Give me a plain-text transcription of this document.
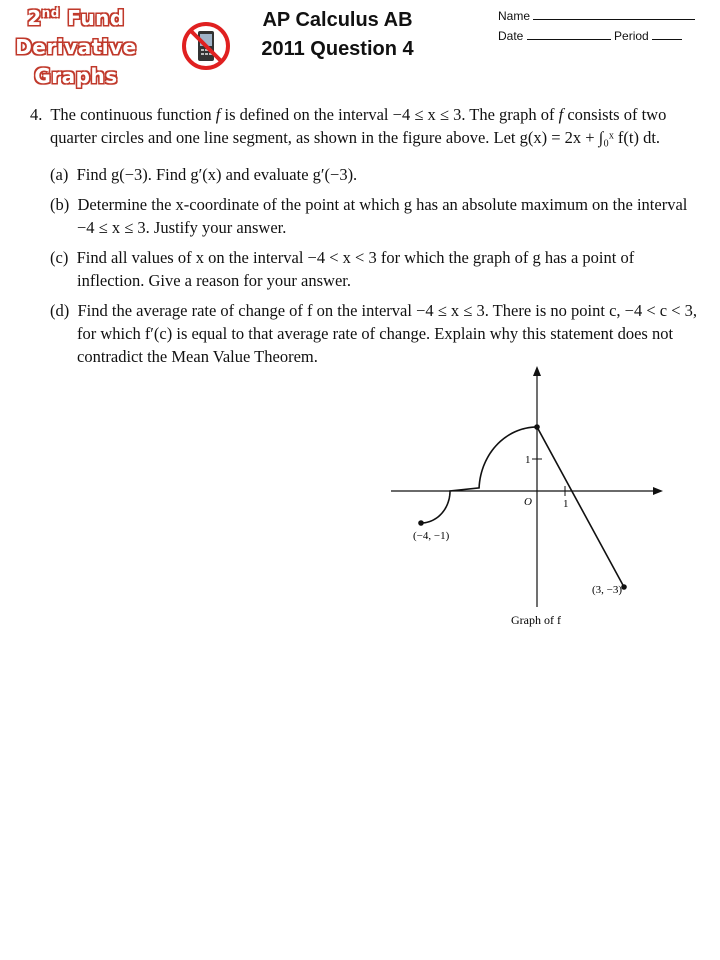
2nd Fund
Derivative
Graphs
AP Calculus AB
2011 Question 4
Name
Date	Period

4. The continuous function f is defined on the interval −4 ≤ x ≤ 3. The graph of f consists of two quarter circles and one line segment, as shown in the figure above. Let g(x) = 2x + ∫₀ˣ f(t) dt.

(a) Find g(−3). Find g′(x) and evaluate g′(−3).

(b) Determine the x-coordinate of the point at which g has an absolute maximum on the interval −4 ≤ x ≤ 3. Justify your answer.

(c) Find all values of x on the interval −4 < x < 3 for which the graph of g has a point of inflection. Give a reason for your answer.

(d) Find the average rate of change of f on the interval −4 ≤ x ≤ 3. There is no point c, −4 < c < 3, for which f′(c) is equal to that average rate of change. Explain why this statement does not contradict the Mean Value Theorem.

O	1
1
(−4, −1)
(3, −3)
Graph of f
